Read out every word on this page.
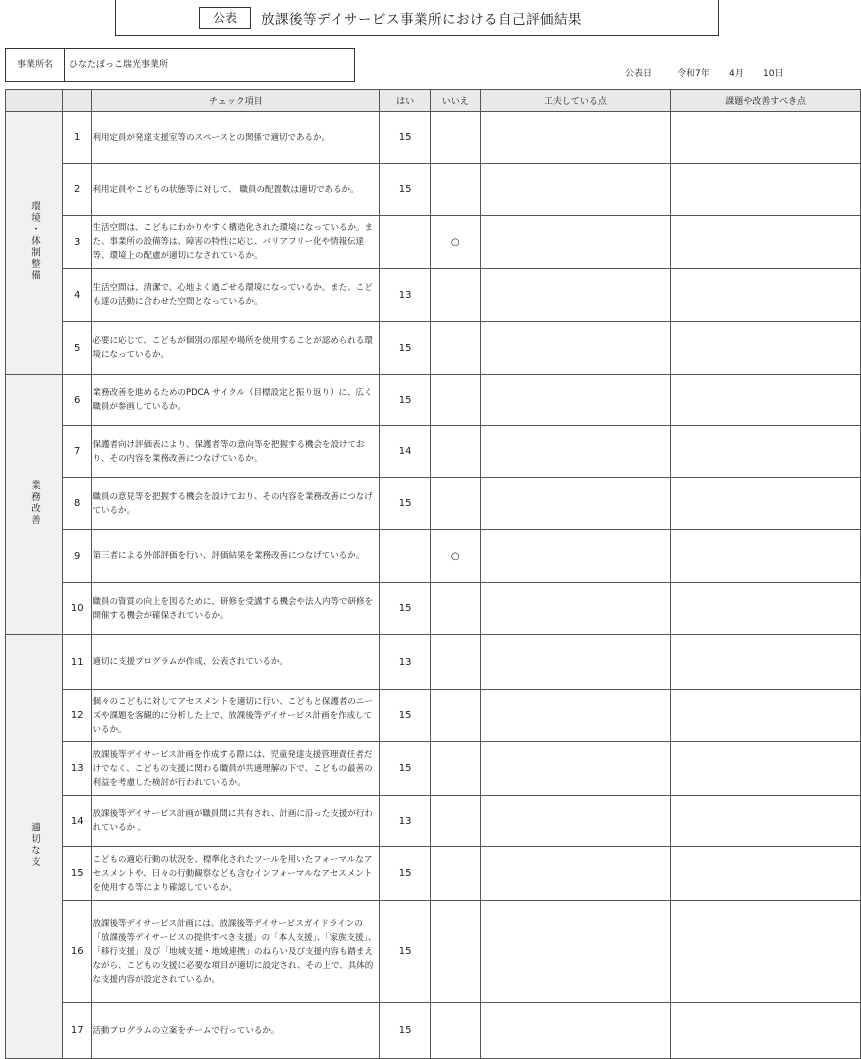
公表	放課後等デイサービス事業所における自己評価結果
事業所名	ひなたぼっこ瑞光事業所
公表日	令和7年 4月 10日
		チェック項目	はい	いいえ	工夫している点	課題や改善すべき点
環境・体制整備	1	利用定員が発達支援室等のスペースとの関係で適切であるか。	15			
	2	利用定員やこどもの状態等に対して、 職員の配置数は適切であるか。	15			
	3	生活空間は、こどもにわかりやすく構造化された環境になっているか。また、事業所の設備等は、障害の特性に応じ、バリアフリー化や情報伝達等、環境上の配慮が適切になされているか。		○		
	4	生活空間は、清潔で、心地よく過ごせる環境になっているか。また、こども達の活動に合わせた空間となっているか。	13			
	5	必要に応じて、こどもが個別の部屋や場所を使用することが認められる環境になっているか。	15			
業務改善	6	業務改善を進めるためのPDCA サイクル（目標設定と振り返り）に、広く職員が参画しているか。	15			
	7	保護者向け評価表により、保護者等の意向等を把握する機会を設けており、その内容を業務改善につなげているか。	14			
	8	職員の意見等を把握する機会を設けており、その内容を業務改善につなげているか。	15			
	9	第三者による外部評価を行い、評価結果を業務改善につなげているか。		○		
	10	職員の資質の向上を図るために、研修を受講する機会や法人内等で研修を開催する機会が確保されているか。	15			
適切な支	11	適切に支援プログラムが作成、公表されているか。	13			
	12	個々のこどもに対してアセスメントを適切に行い、こどもと保護者のニーズや課題を客観的に分析した上で、放課後等デイサービス計画を作成しているか。	15			
	13	放課後等デイサービス計画を作成する際には、児童発達支援管理責任者だけでなく、こどもの支援に関わる職員が共通理解の下で、こどもの最善の利益を考慮した検討が行われているか。	15			
	14	放課後等デイサービス計画が職員間に共有され、計画に沿った支援が行われているか 。	13			
	15	こどもの適応行動の状況を、標準化されたツールを用いたフォーマルなアセスメントや、日々の行動観察なども含むインフォーマルなアセスメントを使用する等により確認しているか。	15			
	16	放課後等デイサービス計画には、放課後等デイサービスガイドラインの「放課後等デイサービスの提供すべき支援」の「本人支援」、「家族支援」、「移行支援」及び「地域支援・地域連携」のねらい及び支援内容も踏まえながら、こどもの支援に必要な項目が適切に設定され、その上で、具体的な支援内容が設定されているか。	15			
	17	活動プログラムの立案をチームで行っているか。	15			
